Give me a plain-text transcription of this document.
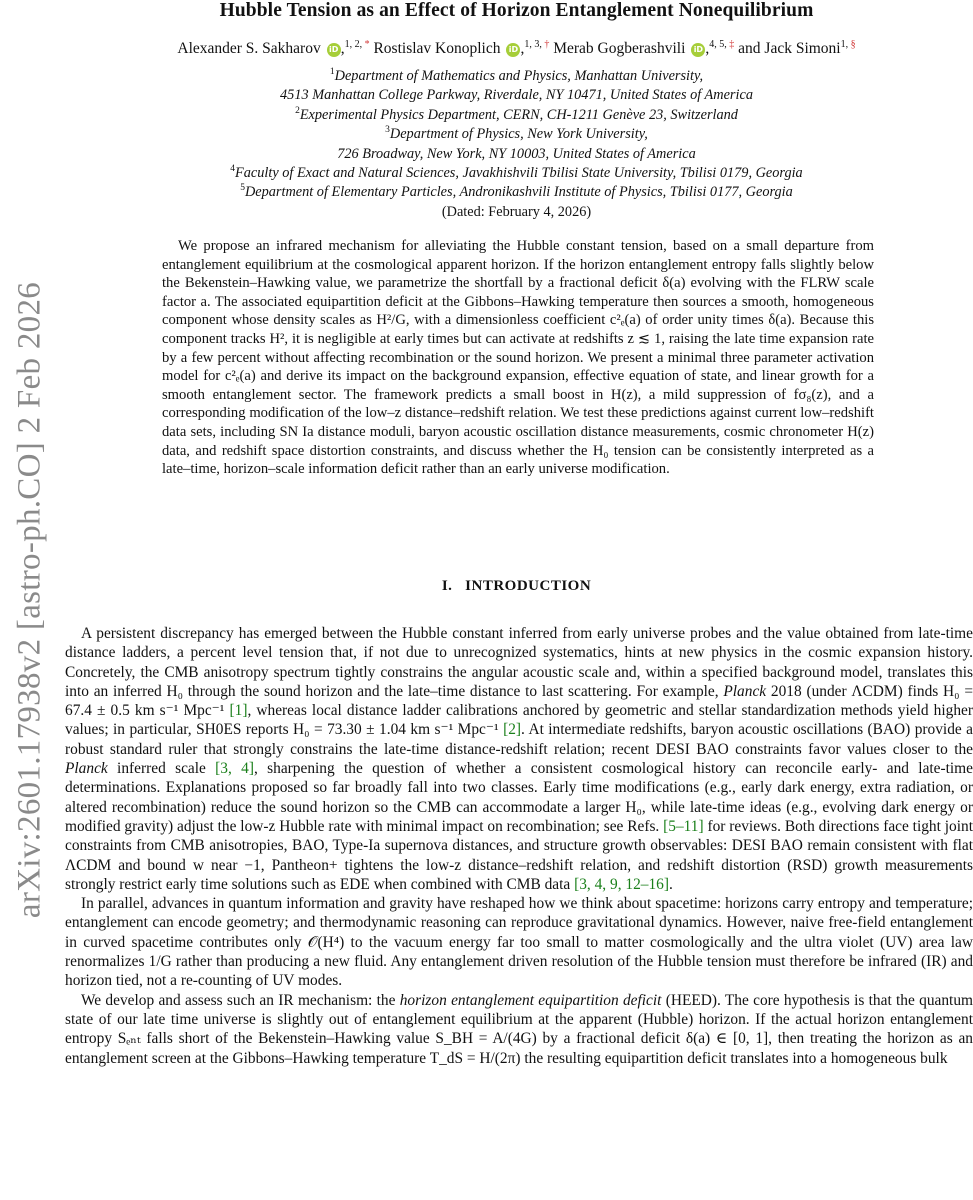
arXiv:2601.17938v2 [astro-ph.CO] 2 Feb 2026
Hubble Tension as an Effect of Horizon Entanglement Nonequilibrium
Alexander S. Sakharov iD ,$^{1, 2, *}$ Rostislav Konoplich iD ,$^{1, 3, \dagger}$ Merab Gogberashvili iD ,$^{4, 5, \ddagger}$ and Jack Simoni$^{1, \S}$
$^1$Department of Mathematics and Physics, Manhattan University,
4513 Manhattan College Parkway, Riverdale, NY 10471, United States of America
$^2$Experimental Physics Department, CERN, CH-1211 Genève 23, Switzerland
$^3$Department of Physics, New York University,
726 Broadway, New York, NY 10003, United States of America
$^4$Faculty of Exact and Natural Sciences, Javakhishvili Tbilisi State University, Tbilisi 0179, Georgia
$^5$Department of Elementary Particles, Andronikashvili Institute of Physics, Tbilisi 0177, Georgia
(Dated: February 4, 2026)
We propose an infrared mechanism for alleviating the Hubble constant tension, based on a small departure from entanglement equilibrium at the cosmological apparent horizon. If the horizon entanglement entropy falls slightly below the Bekenstein–Hawking value, we parametrize the shortfall by a fractional deficit δ(a) evolving with the FLRW scale factor a. The associated equipartition deficit at the Gibbons–Hawking temperature then sources a smooth, homogeneous component whose density scales as H²/G, with a dimensionless coefficient c²ₑ(a) of order unity times δ(a). Because this component tracks H², it is negligible at early times but can activate at redshifts z ≲ 1, raising the late time expansion rate by a few percent without affecting recombination or the sound horizon. We present a minimal three parameter activation model for c²ₑ(a) and derive its impact on the background expansion, effective equation of state, and linear growth for a smooth entanglement sector. The framework predicts a small boost in H(z), a mild suppression of fσ₈(z), and a corresponding modification of the low–z distance–redshift relation. We test these predictions against current low–redshift data sets, including SN Ia distance moduli, baryon acoustic oscillation distance measurements, cosmic chronometer H(z) data, and redshift space distortion constraints, and discuss whether the H₀ tension can be consistently interpreted as a late–time, horizon–scale information deficit rather than an early universe modification.
I. INTRODUCTION

A persistent discrepancy has emerged between the Hubble constant inferred from early universe probes and the value obtained from late-time distance ladders, a percent level tension that, if not due to unrecognized systematics, hints at new physics in the cosmic expansion history. Concretely, the CMB anisotropy spectrum tightly constrains the angular acoustic scale and, within a specified background model, translates this into an inferred H₀ through the sound horizon and the late–time distance to last scattering. For example, Planck 2018 (under ΛCDM) finds H₀ = 67.4 ± 0.5 km s⁻¹ Mpc⁻¹ [1], whereas local distance ladder calibrations anchored by geometric and stellar standardization methods yield higher values; in particular, SH0ES reports H₀ = 73.30 ± 1.04 km s⁻¹ Mpc⁻¹ [2]. At intermediate redshifts, baryon acoustic oscillations (BAO) provide a robust standard ruler that strongly constrains the late-time distance-redshift relation; recent DESI BAO constraints favor values closer to the Planck inferred scale [3, 4], sharpening the question of whether a consistent cosmological history can reconcile early- and late-time determinations. Explanations proposed so far broadly fall into two classes. Early time modifications (e.g., early dark energy, extra radiation, or altered recombination) reduce the sound horizon so the CMB can accommodate a larger H₀, while late-time ideas (e.g., evolving dark energy or modified gravity) adjust the low-z Hubble rate with minimal impact on recombination; see Refs. [5–11] for reviews. Both directions face tight joint constraints from CMB anisotropies, BAO, Type-Ia supernova distances, and structure growth observables: DESI BAO remain consistent with flat ΛCDM and bound w near −1, Pantheon+ tightens the low-z distance–redshift relation, and redshift distortion (RSD) growth measurements strongly restrict early time solutions such as EDE when combined with CMB data [3, 4, 9, 12–16].

In parallel, advances in quantum information and gravity have reshaped how we think about spacetime: horizons carry entropy and temperature; entanglement can encode geometry; and thermodynamic reasoning can reproduce gravitational dynamics. However, naive free-field entanglement in curved spacetime contributes only 𝒪(H⁴) to the vacuum energy far too small to matter cosmologically and the ultra violet (UV) area law renormalizes 1/G rather than producing a new fluid. Any entanglement driven resolution of the Hubble tension must therefore be infrared (IR) and horizon tied, not a re-counting of UV modes.

We develop and assess such an IR mechanism: the horizon entanglement equipartition deficit (HEED). The core hypothesis is that the quantum state of our late time universe is slightly out of entanglement equilibrium at the apparent (Hubble) horizon. If the actual horizon entanglement entropy Sₑₙₜ falls short of the Bekenstein–Hawking value S_BH = A/(4G) by a fractional deficit δ(a) ∈ [0, 1], then treating the horizon as an entanglement screen at the Gibbons–Hawking temperature T_dS = H/(2π) the resulting equipartition deficit translates into a homogeneous bulk
